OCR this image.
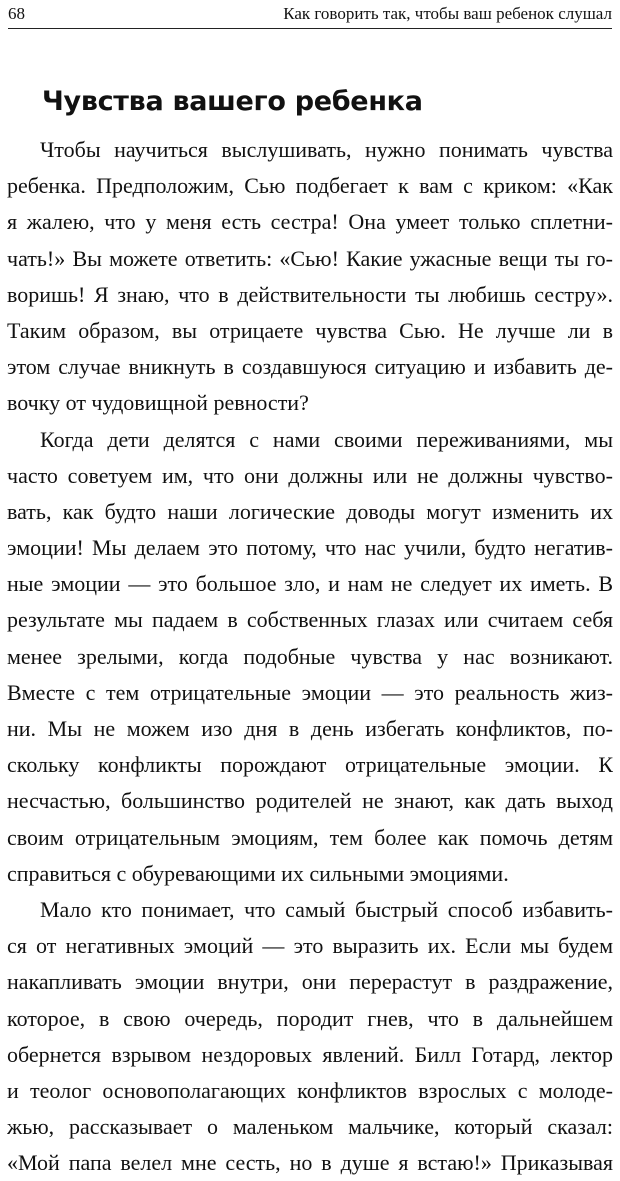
68	Как говорить так, чтобы ваш ребенок слушал
Чувства вашего ребенка
Чтобы научиться выслушивать, нужно понимать чувства
ребенка. Предположим, Сью подбегает к вам с криком: «Как
я жалею, что у меня есть сестра! Она умеет только сплетни-
чать!» Вы можете ответить: «Сью! Какие ужасные вещи ты го-
воришь! Я знаю, что в действительности ты любишь сестру».
Таким образом, вы отрицаете чувства Сью. Не лучше ли в
этом случае вникнуть в создавшуюся ситуацию и избавить де-
вочку от чудовищной ревности?
Когда дети делятся с нами своими переживаниями, мы
часто советуем им, что они должны или не должны чувство-
вать, как будто наши логические доводы могут изменить их
эмоции! Мы делаем это потому, что нас учили, будто негатив-
ные эмоции — это большое зло, и нам не следует их иметь. В
результате мы падаем в собственных глазах или считаем себя
менее зрелыми, когда подобные чувства у нас возникают.
Вместе с тем отрицательные эмоции — это реальность жиз-
ни. Мы не можем изо дня в день избегать конфликтов, по-
скольку конфликты порождают отрицательные эмоции. К
несчастью, большинство родителей не знают, как дать выход
своим отрицательным эмоциям, тем более как помочь детям
справиться с обуревающими их сильными эмоциями.
Мало кто понимает, что самый быстрый способ избавить-
ся от негативных эмоций — это выразить их. Если мы будем
накапливать эмоции внутри, они перерастут в раздражение,
которое, в свою очередь, породит гнев, что в дальнейшем
обернется взрывом нездоровых явлений. Билл Готард, лектор
и теолог основополагающих конфликтов взрослых с молоде-
жью, рассказывает о маленьком мальчике, который сказал:
«Мой папа велел мне сесть, но в душе я встаю!» Приказывая
